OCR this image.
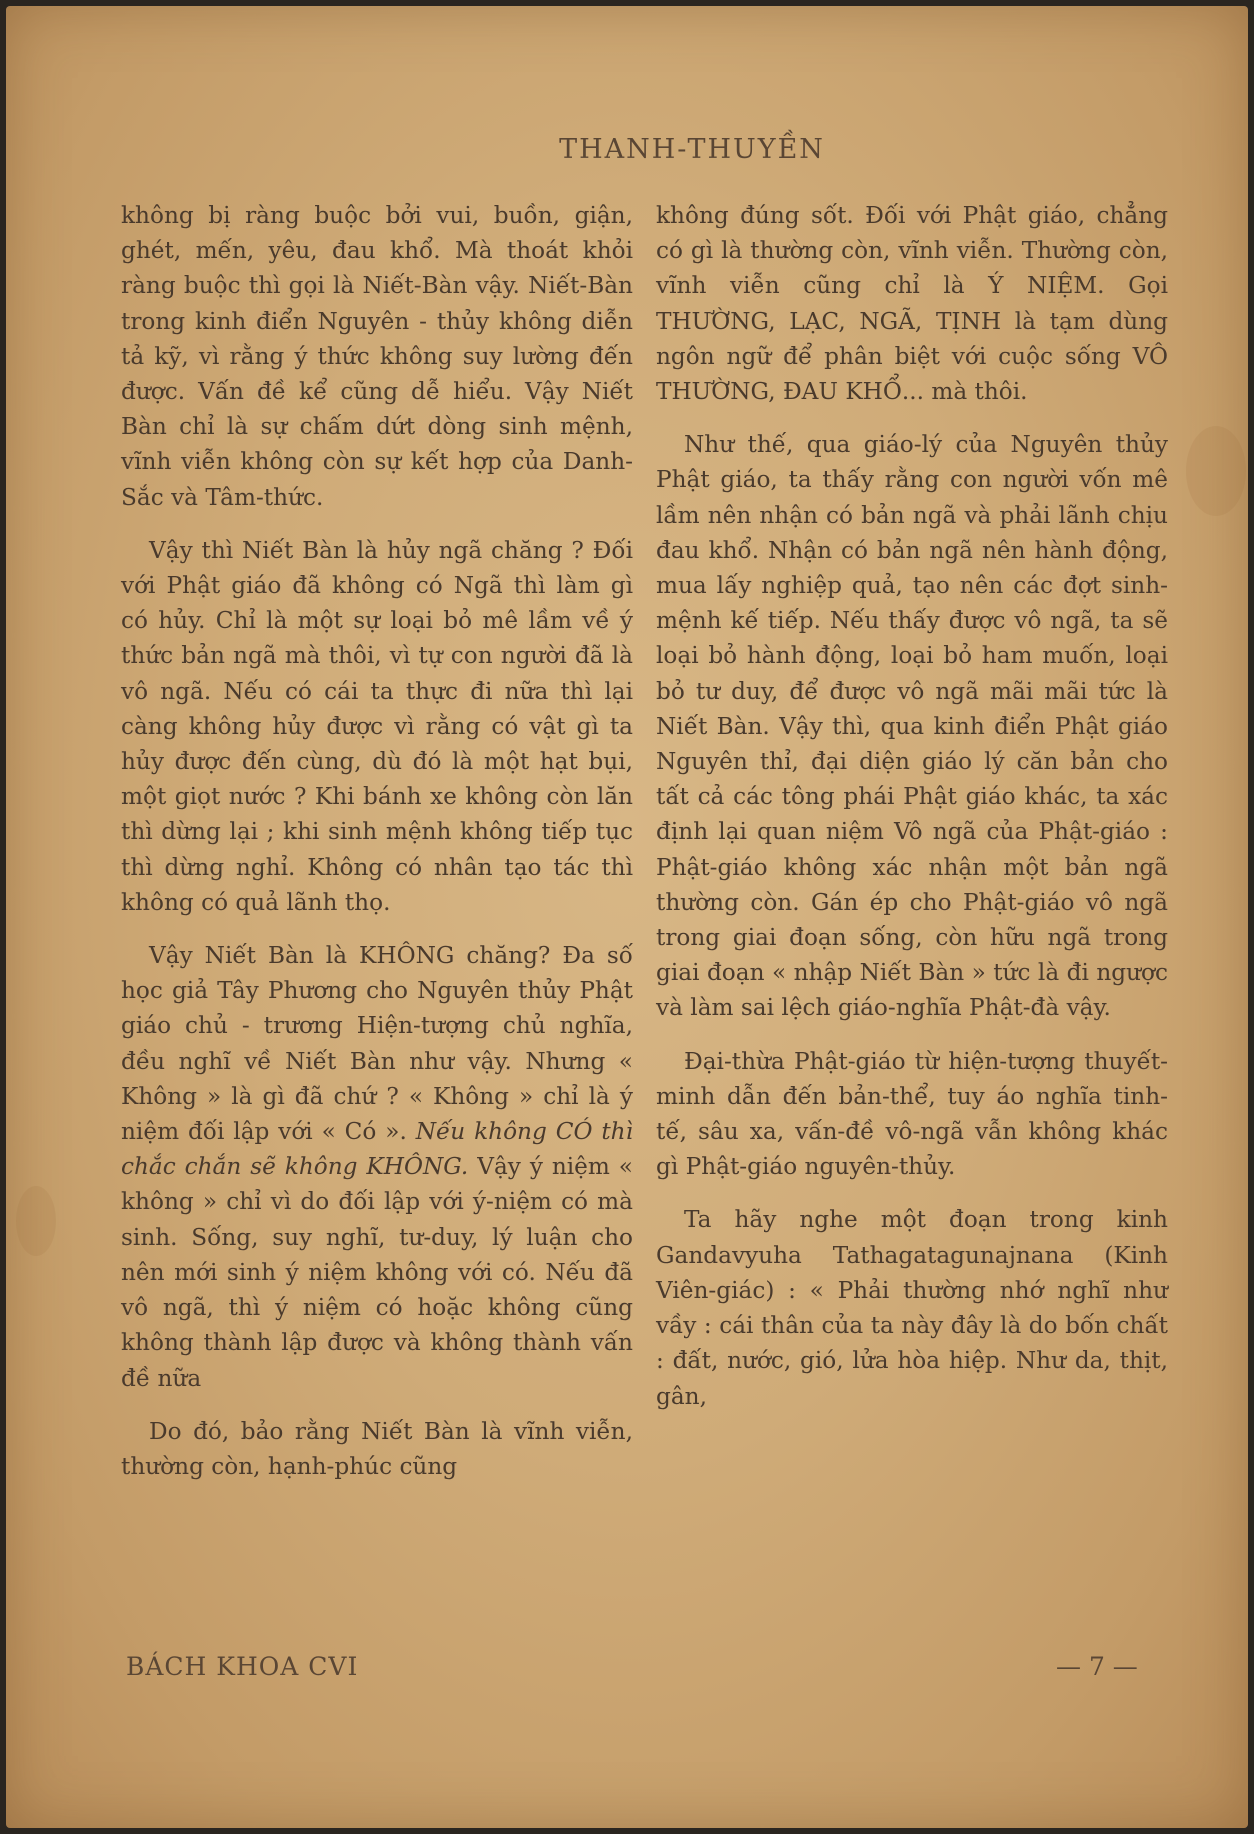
THANH-THUYỀN

không bị ràng buộc bởi vui, buồn, giận, ghét, mến, yêu, đau khổ. Mà thoát khỏi ràng buộc thì gọi là Niết-Bàn vậy. Niết-Bàn trong kinh điển Nguyên - thủy không diễn tả kỹ, vì rằng ý thức không suy lường đến được. Vấn đề kể cũng dễ hiểu. Vậy Niết Bàn chỉ là sự chấm dứt dòng sinh mệnh, vĩnh viễn không còn sự kết hợp của Danh-Sắc và Tâm-thức.

Vậy thì Niết Bàn là hủy ngã chăng ? Đối với Phật giáo đã không có Ngã thì làm gì có hủy. Chỉ là một sự loại bỏ mê lầm về ý thức bản ngã mà thôi, vì tự con người đã là vô ngã. Nếu có cái ta thực đi nữa thì lại càng không hủy được vì rằng có vật gì ta hủy được đến cùng, dù đó là một hạt bụi, một giọt nước ? Khi bánh xe không còn lăn thì dừng lại ; khi sinh mệnh không tiếp tục thì dừng nghỉ. Không có nhân tạo tác thì không có quả lãnh thọ.

Vậy Niết Bàn là KHÔNG chăng? Đa số học giả Tây Phương cho Nguyên thủy Phật giáo chủ - trương Hiện-tượng chủ nghĩa, đều nghĩ về Niết Bàn như vậy. Nhưng « Không » là gì đã chứ ? « Không » chỉ là ý niệm đối lập với « Có ». Nếu không CÓ thì chắc chắn sẽ không KHÔNG. Vậy ý niệm « không » chỉ vì do đối lập với ý-niệm có mà sinh. Sống, suy nghĩ, tư-duy, lý luận cho nên mới sinh ý niệm không với có. Nếu đã vô ngã, thì ý niệm có hoặc không cũng không thành lập được và không thành vấn đề nữa

Do đó, bảo rằng Niết Bàn là vĩnh viễn, thường còn, hạnh-phúc cũng

không đúng sốt. Đối với Phật giáo, chẳng có gì là thường còn, vĩnh viễn. Thường còn, vĩnh viễn cũng chỉ là Ý NIỆM. Gọi THƯỜNG, LẠC, NGÃ, TỊNH là tạm dùng ngôn ngữ để phân biệt với cuộc sống VÔ THƯỜNG, ĐAU KHỔ... mà thôi.

Như thế, qua giáo-lý của Nguyên thủy Phật giáo, ta thấy rằng con người vốn mê lầm nên nhận có bản ngã và phải lãnh chịu đau khổ. Nhận có bản ngã nên hành động, mua lấy nghiệp quả, tạo nên các đợt sinh-mệnh kế tiếp. Nếu thấy được vô ngã, ta sẽ loại bỏ hành động, loại bỏ ham muốn, loại bỏ tư duy, để được vô ngã mãi mãi tức là Niết Bàn. Vậy thì, qua kinh điển Phật giáo Nguyên thỉ, đại diện giáo lý căn bản cho tất cả các tông phái Phật giáo khác, ta xác định lại quan niệm Vô ngã của Phật-giáo : Phật-giáo không xác nhận một bản ngã thường còn. Gán ép cho Phật-giáo vô ngã trong giai đoạn sống, còn hữu ngã trong giai đoạn « nhập Niết Bàn » tức là đi ngược và làm sai lệch giáo-nghĩa Phật-đà vậy.

Đại-thừa Phật-giáo từ hiện-tượng thuyết-minh dẫn đến bản-thể, tuy áo nghĩa tinh-tế, sâu xa, vấn-đề vô-ngã vẫn không khác gì Phật-giáo nguyên-thủy.

Ta hãy nghe một đoạn trong kinh Gandavyuha Tathagatagunajnana (Kinh Viên-giác) : « Phải thường nhớ nghĩ như vầy : cái thân của ta này đây là do bốn chất : đất, nước, gió, lửa hòa hiệp. Như da, thịt, gân,

BÁCH KHOA CVI	— 7 —
